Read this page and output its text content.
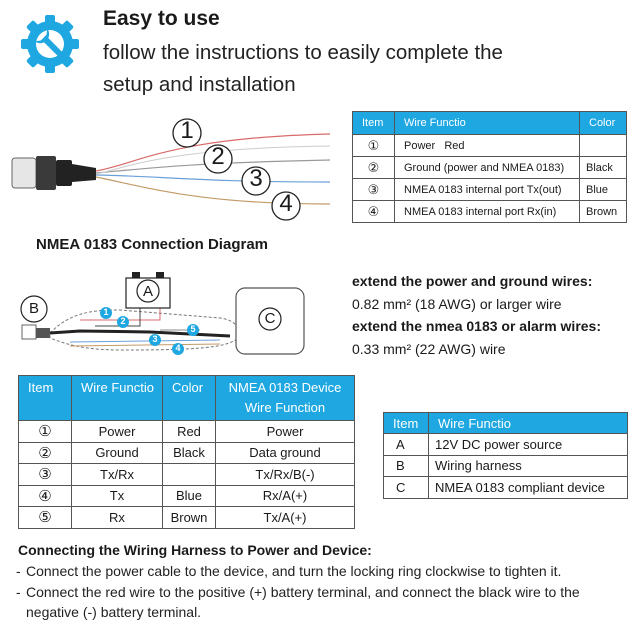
Easy to use
follow the instructions to easily complete the setup and installation
1
2
3
4
Item	Wire Functio	Color
①	Power   Red	
②	Ground (power and NMEA 0183)	Black
③	NMEA 0183 internal port Tx(out)	Blue
④	NMEA 0183 internal port Rx(in)	Brown
NMEA 0183 Connection Diagram
B
A
C
1
2
3
4
5
extend the power and ground wires:
0.82 mm² (18 AWG) or larger wire
extend the nmea 0183 or alarm wires:
0.33 mm² (22 AWG) wire
Item	Wire Functio	Color	NMEA 0183 Device Wire Function
①	Power	Red	Power
②	Ground	Black	Data ground
③	Tx/Rx		Tx/Rx/B(-)
④	Tx	Blue	Rx/A(+)
⑤	Rx	Brown	Tx/A(+)
Item	Wire Functio
A	12V DC power source
B	Wiring harness
C	NMEA 0183 compliant device
Connecting the Wiring Harness to Power and Device:
- Connect the power cable to the device, and turn the locking ring clockwise to tighten it.
- Connect the red wire to the positive (+) battery terminal, and connect the black wire to the negative (-) battery terminal.
